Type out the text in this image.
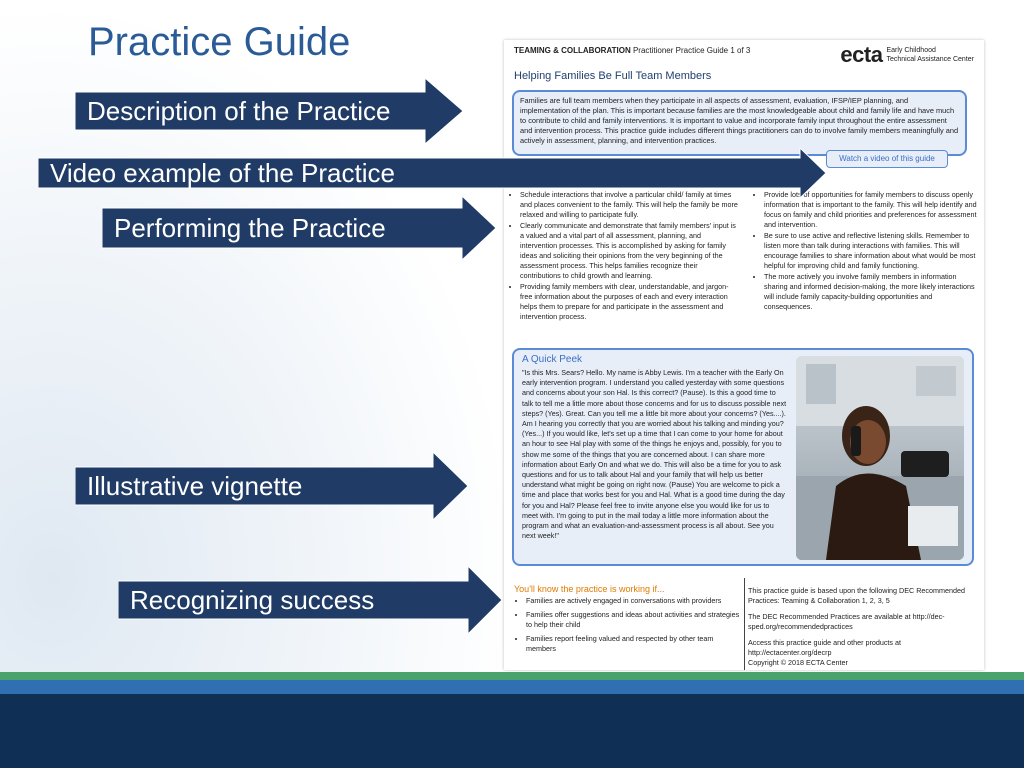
Practice Guide	TEAMING & COLLABORATION Practitioner Practice Guide 1 of 3	ecta Early Childhood
Technical Assistance Center
Helping Families Be Full Team Members
Families are full team members when they participate in all aspects of assessment, evaluation, IFSP/IEP planning, and implementation of the plan. This is important because families are the most knowledgeable about child and family life and have much to contribute to child and family interventions. It is important to value and incorporate family input throughout the entire assessment and intervention process. This practice guide includes different things practitioners can do to involve family members meaningfully and actively in assessment, planning, and intervention practices.
Watch a video of this guide
• Schedule interactions that involve a particular child/ family at times and places convenient to the family. This will help the family be more relaxed and willing to participate fully.
• Clearly communicate and demonstrate that family members' input is a valued and a vital part of all assessment, planning, and intervention processes. This is accomplished by asking for family ideas and soliciting their opinions from the very beginning of the assessment process. This helps families recognize their contributions to child growth and learning.
• Providing family members with clear, understandable, and jargon-free information about the purposes of each and every interaction helps them to prepare for and participate in the assessment and intervention process.
• Provide lots of opportunities for family members to discuss openly information that is important to the family. This will help identify and focus on family and child priorities and preferences for assessment and intervention.
• Be sure to use active and reflective listening skills. Remember to listen more than talk during interactions with families. This will encourage families to share information about what would be most helpful for improving child and family functioning.
• The more actively you involve family members in information sharing and informed decision-making, the more likely interactions will include family capacity-building opportunities and consequences.
A Quick Peek
"Is this Mrs. Sears? Hello. My name is Abby Lewis. I'm a teacher with the Early On early intervention program. I understand you called yesterday with some questions and concerns about your son Hal. Is this correct? (Pause). Is this a good time to talk to tell me a little more about those concerns and for us to discuss possible next steps? (Yes). Great. Can you tell me a little bit more about your concerns? (Yes....). Am I hearing you correctly that you are worried about his talking and minding you? (Yes...) If you would like, let's set up a time that I can come to your home for about an hour to see Hal play with some of the things he enjoys and, possibly, for you to show me some of the things that you are concerned about. I can share more information about Early On and what we do. This will also be a time for you to ask questions and for us to talk about Hal and your family that will help us better understand what might be going on right now. (Pause) You are welcome to pick a time and place that works best for you and Hal. What is a good time during the day for you and Hal? Please feel free to invite anyone else you would like for us to meet with. I'm going to put in the mail today a little more information about the program and what an evaluation-and-assessment process is all about. See you next week!"
You'll know the practice is working if...
• Families are actively engaged in conversations with providers
• Families offer suggestions and ideas about activities and strategies to help their child
• Families report feeling valued and respected by other team members

This practice guide is based upon the following DEC Recommended Practices: Teaming & Collaboration 1, 2, 3, 5

The DEC Recommended Practices are available at http://dec-sped.org/recommendedpractices

Access this practice guide and other products at http://ectacenter.org/decrp

Copyright © 2018 ECTA Center

Description of the Practice
Video example of the Practice
Performing the Practice
Illustrative vignette
Recognizing success
